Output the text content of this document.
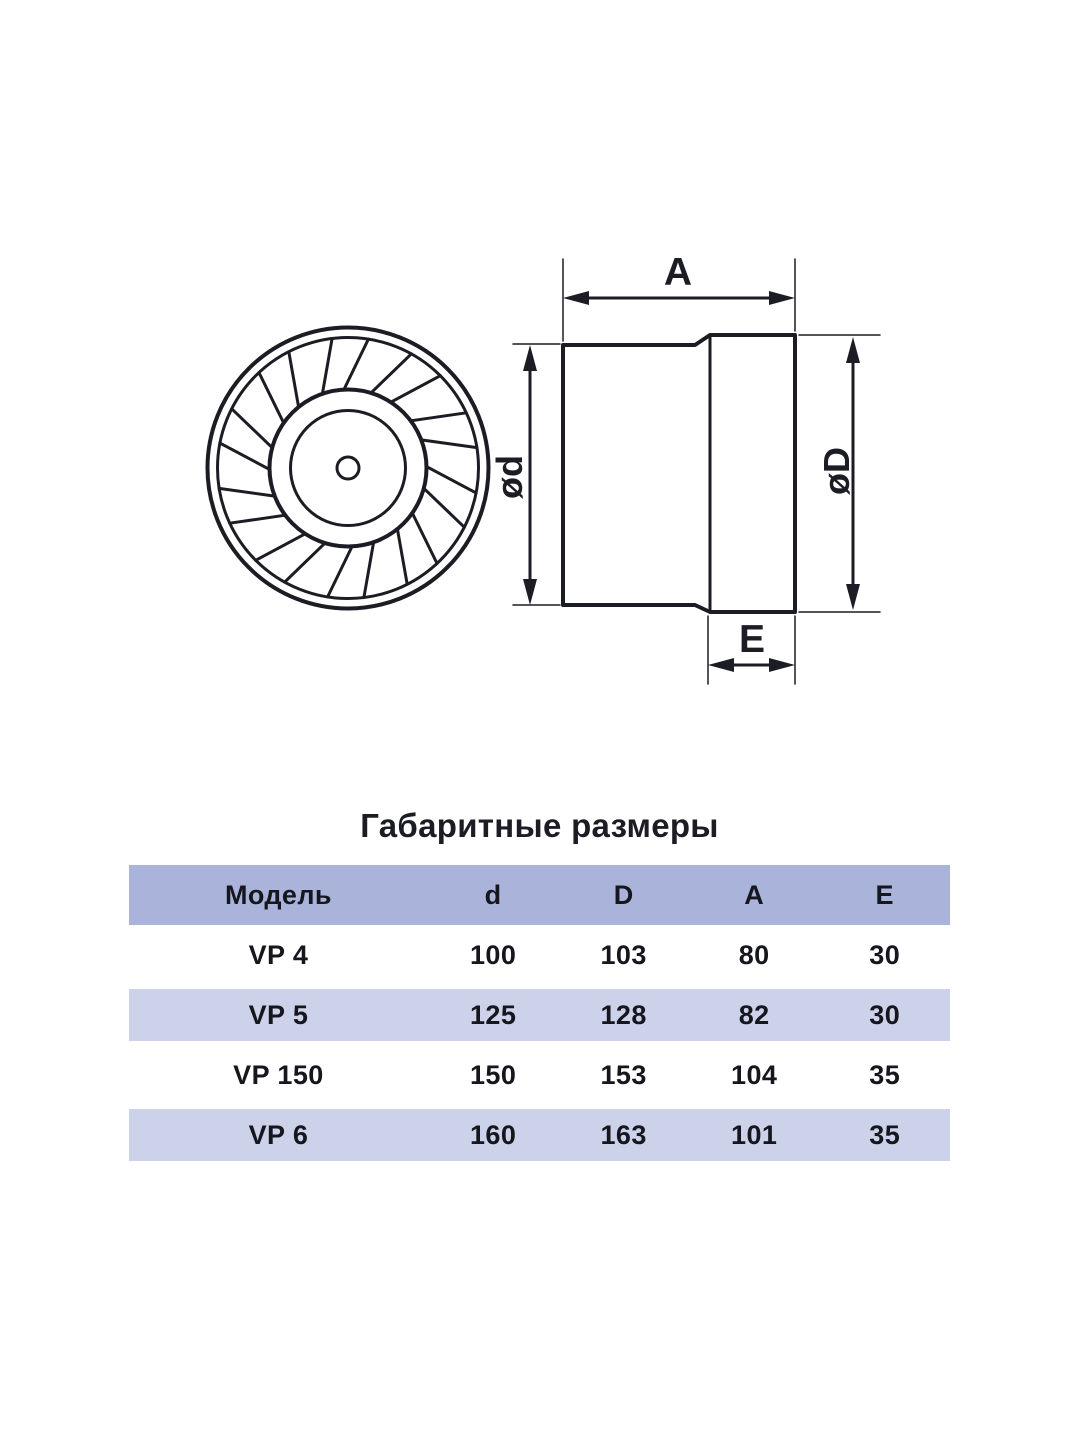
A
ød	øD
E
Габаритные размеры
Модель	d	D	A	E
VP 4	100	103	80	30
VP 5	125	128	82	30
VP 150	150	153	104	35
VP 6	160	163	101	35
